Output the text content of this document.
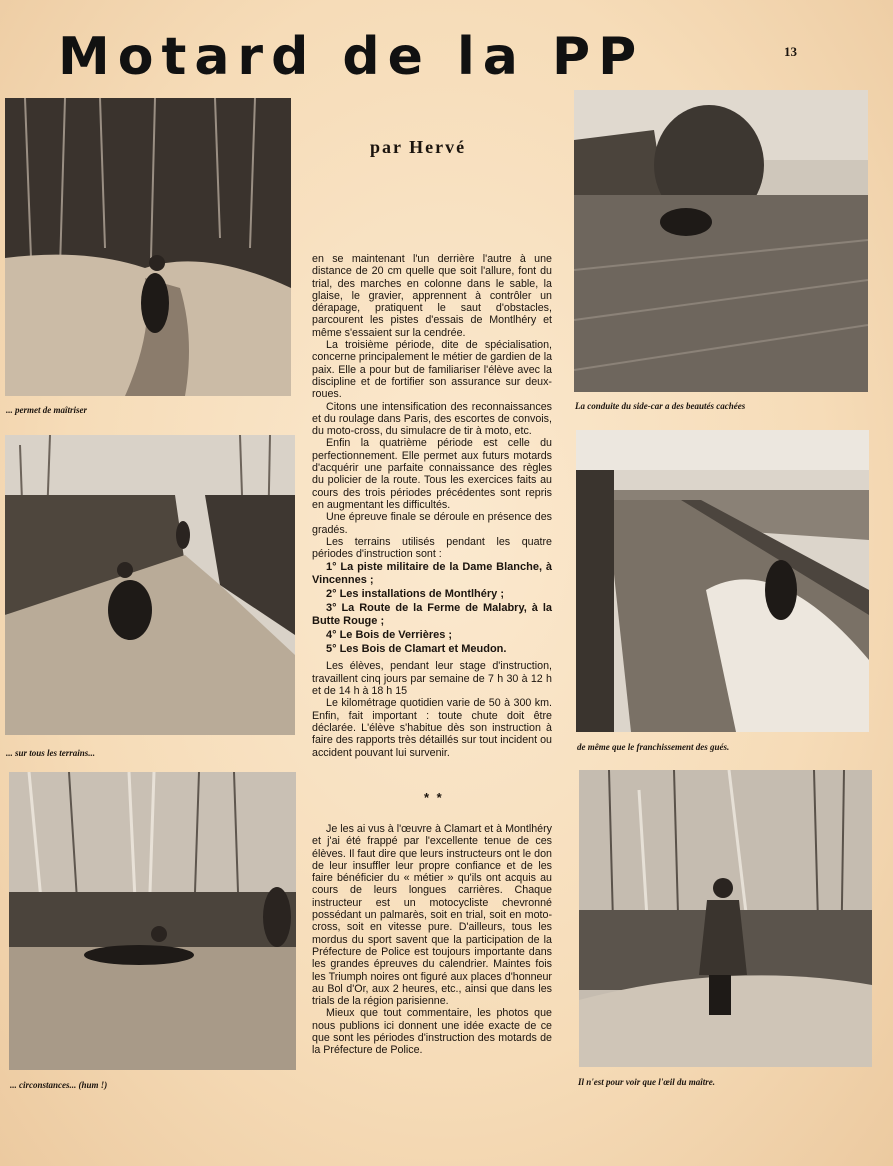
Motard de la PP	13
par Hervé
... permet de maîtriser
... sur tous les terrains...
... circonstances... (hum !)
La conduite du side-car a des beautés cachées
de même que le franchissement des gués.
Il n'est pour voir que l'œil du maître.

en se maintenant l'un derrière l'autre à une distance de 20 cm quelle que soit l'allure, font du trial, des marches en colonne dans le sable, la glaise, le gravier, apprennent à contrôler un dérapage, pratiquent le saut d'obstacles, parcourent les pistes d'essais de Montlhéry et même s'essaient sur la cendrée.

La troisième période, dite de spécialisation, concerne principalement le métier de gardien de la paix. Elle a pour but de familiariser l'élève avec la discipline et de fortifier son assurance sur deux-roues.

Citons une intensification des reconnaissances et du roulage dans Paris, des escortes de convois, du moto-cross, du simulacre de tir à moto, etc.

Enfin la quatrième période est celle du perfectionnement. Elle permet aux futurs motards d'acquérir une parfaite connaissance des règles du policier de la route. Tous les exercices faits au cours des trois périodes précédentes sont repris en augmentant les difficultés.

Une épreuve finale se déroule en présence des gradés.

Les terrains utilisés pendant les quatre périodes d'instruction sont :

1° La piste militaire de la Dame Blanche, à Vincennes ;

2° Les installations de Montlhéry ;

3° La Route de la Ferme de Malabry, à la Butte Rouge ;

4° Le Bois de Verrières ;

5° Les Bois de Clamart et Meudon.

Les élèves, pendant leur stage d'instruction, travaillent cinq jours par semaine de 7 h 30 à 12 h et de 14 h à 18 h 15

Le kilométrage quotidien varie de 50 à 300 km. Enfin, fait important : toute chute doit être déclarée. L'élève s'habitue dès son instruction à faire des rapports très détaillés sur tout incident ou accident pouvant lui survenir.

* *

Je les ai vus à l'œuvre à Clamart et à Montlhéry et j'ai été frappé par l'excellente tenue de ces élèves. Il faut dire que leurs instructeurs ont le don de leur insuffler leur propre confiance et de les faire bénéficier du « métier » qu'ils ont acquis au cours de leurs longues carrières. Chaque instructeur est un motocycliste chevronné possédant un palmarès, soit en trial, soit en moto-cross, soit en vitesse pure. D'ailleurs, tous les mordus du sport savent que la participation de la Préfecture de Police est toujours importante dans les grandes épreuves du calendrier. Maintes fois les Triumph noires ont figuré aux places d'honneur au Bol d'Or, aux 2 heures, etc., ainsi que dans les trials de la région parisienne.

Mieux que tout commentaire, les photos que nous publions ici donnent une idée exacte de ce que sont les périodes d'instruction des motards de la Préfecture de Police.
